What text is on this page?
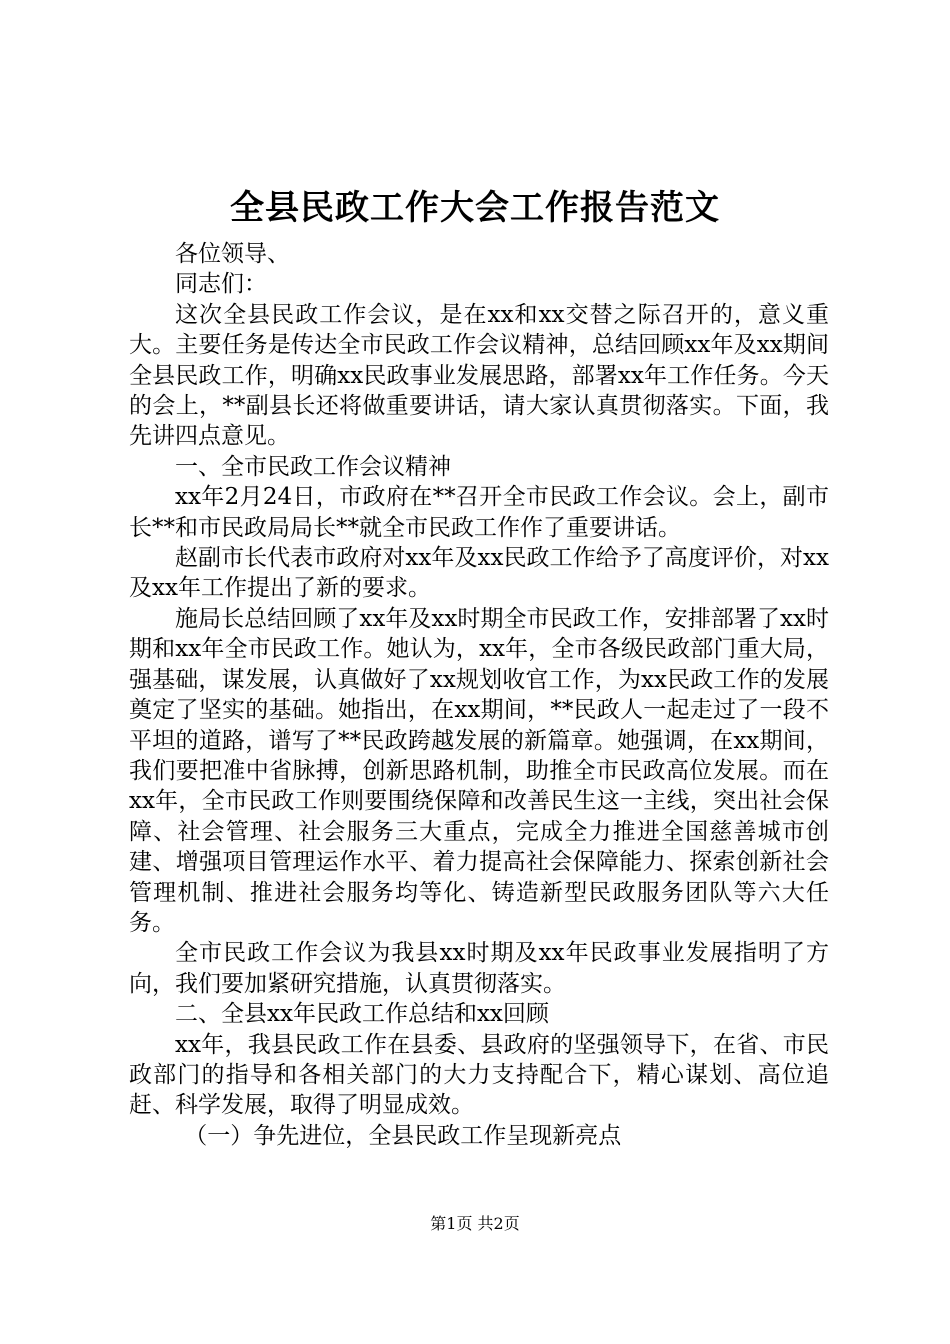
全县民政工作大会工作报告范文

各位领导、

同志们：

这次全县民政工作会议，是在xx和xx交替之际召开的，意义重大。主要任务是传达全市民政工作会议精神，总结回顾xx年及xx期间全县民政工作，明确xx民政事业发展思路，部署xx年工作任务。今天的会上，**副县长还将做重要讲话，请大家认真贯彻落实。下面，我先讲四点意见。

一、全市民政工作会议精神

xx年2月24日，市政府在**召开全市民政工作会议。会上，副市长**和市民政局局长**就全市民政工作作了重要讲话。

赵副市长代表市政府对xx年及xx民政工作给予了高度评价，对xx及xx年工作提出了新的要求。

施局长总结回顾了xx年及xx时期全市民政工作，安排部署了xx时期和xx年全市民政工作。她认为，xx年，全市各级民政部门重大局，强基础，谋发展，认真做好了xx规划收官工作，为xx民政工作的发展奠定了坚实的基础。她指出，在xx期间，**民政人一起走过了一段不平坦的道路，谱写了**民政跨越发展的新篇章。她强调，在xx期间，我们要把准中省脉搏，创新思路机制，助推全市民政高位发展。而在xx年，全市民政工作则要围绕保障和改善民生这一主线，突出社会保障、社会管理、社会服务三大重点，完成全力推进全国慈善城市创建、增强项目管理运作水平、着力提高社会保障能力、探索创新社会管理机制、推进社会服务均等化、铸造新型民政服务团队等六大任务。

全市民政工作会议为我县xx时期及xx年民政事业发展指明了方向，我们要加紧研究措施，认真贯彻落实。

二、全县xx年民政工作总结和xx回顾

xx年，我县民政工作在县委、县政府的坚强领导下，在省、市民政部门的指导和各相关部门的大力支持配合下，精心谋划、高位追赶、科学发展，取得了明显成效。

（一）争先进位，全县民政工作呈现新亮点

第1页 共2页
